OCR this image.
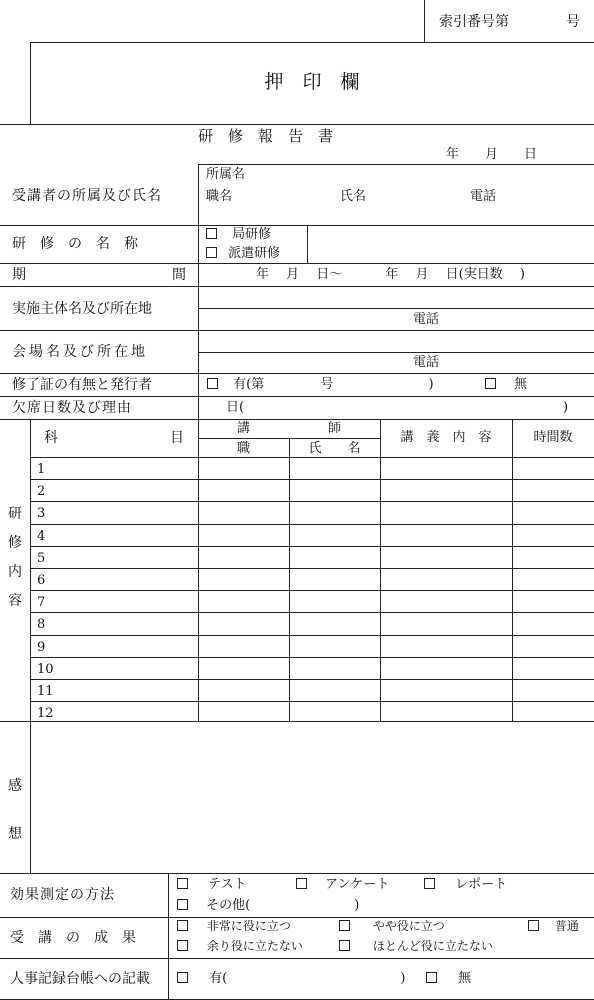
索引番号第	号
押　印　欄
研　修　報　告　書
年　　月　　日
受講者の所属及び氏名
所属名
職名	氏名	電話
研　修　の　名　称
局研修
派遣研修
期	間	年　 月　 日〜　　　 年　 月　 日(実日数　 )
実施主体名及び所在地
電話
会場名及び所在地
電話
修了証の有無と発行者	有(第　　　　 号　　　　　　　 )	無
欠席日数及び理由	日(	)
研
修
内
容
科　　　　　　　　目
講　　　　　　師
職	氏　　名
講　義　内　容	時間数
1
2
3
4
5
6
7
8
9
10
11
12
感
想
効果測定の方法
テスト	アンケート	レポート
その他(　　　　　　　　)
受　講　の　成　果
非常に役に立つ	やや役に立つ	普通
余り役に立たない	ほとんど役に立たない
人事記録台帳への記載	有(　　　　　　　　　　　　　 )	無
